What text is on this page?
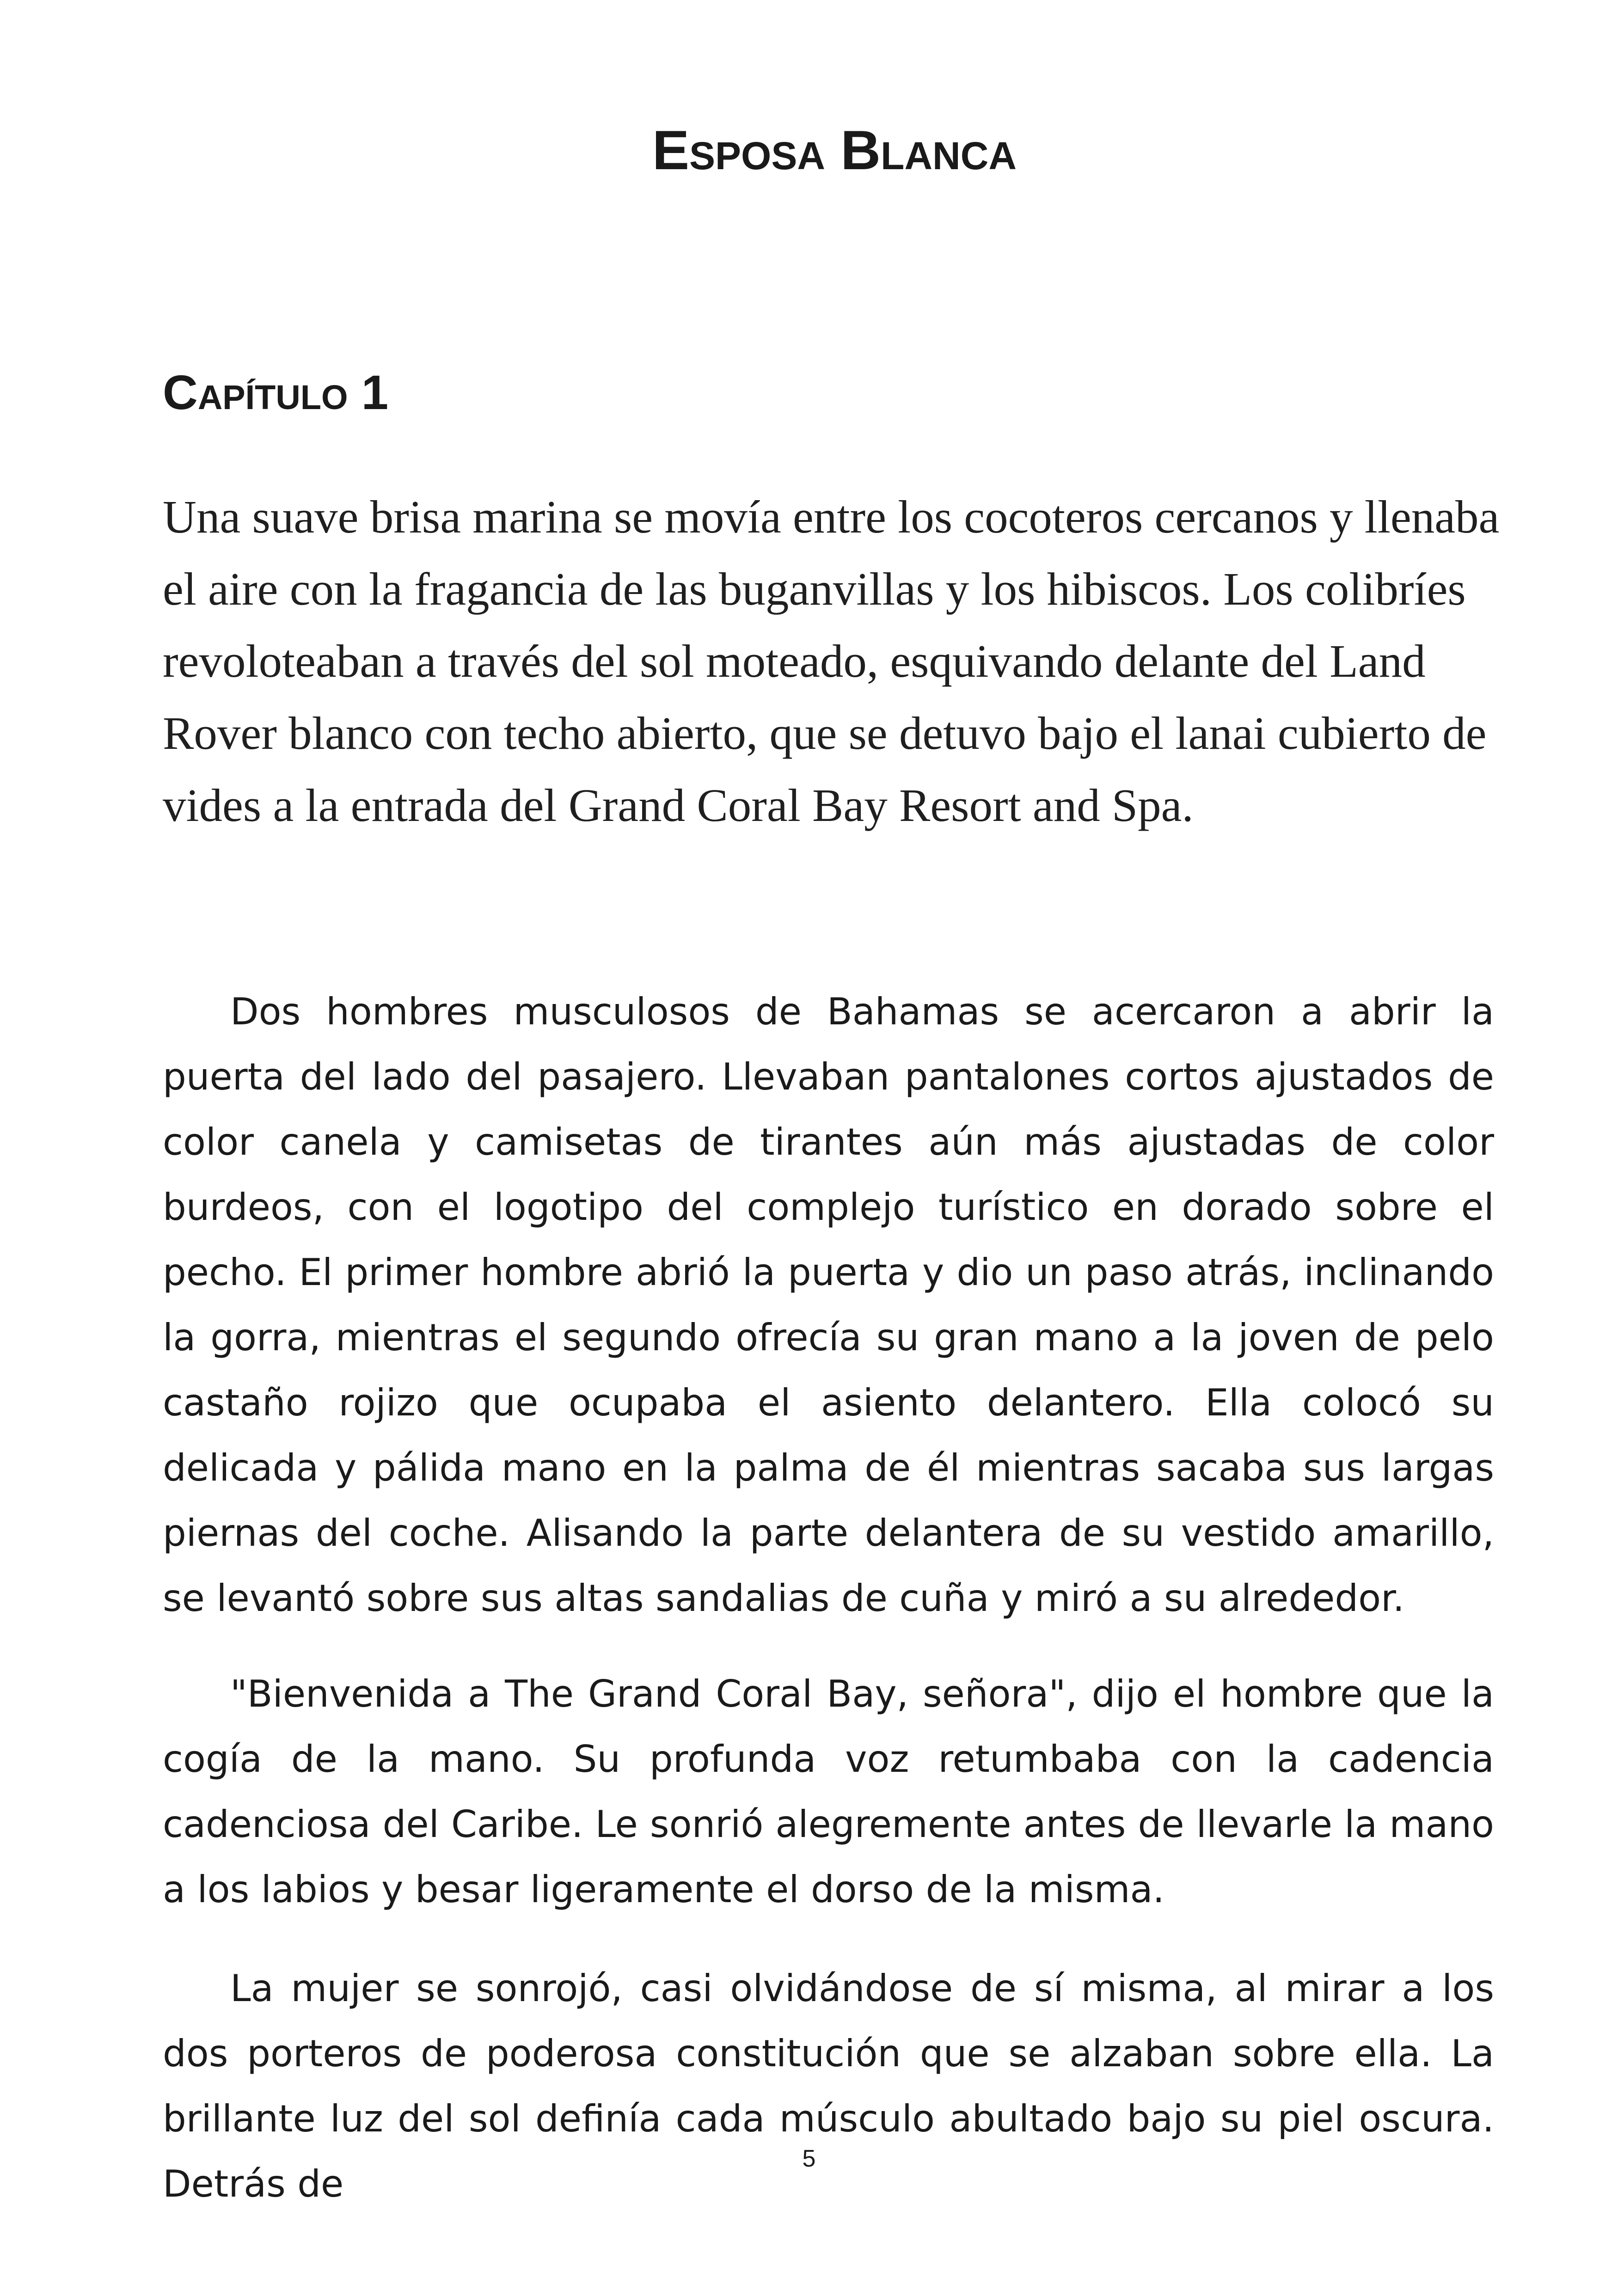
Esposa Blanca
Capítulo 1

Una suave brisa marina se movía entre los cocoteros cercanos y llenaba el aire con la fragancia de las buganvillas y los hibiscos. Los colibríes revoloteaban a través del sol moteado, esquivando delante del Land Rover blanco con techo abierto, que se detuvo bajo el lanai cubierto de vides a la entrada del Grand Coral Bay Resort and Spa.

Dos hombres musculosos de Bahamas se acercaron a abrir la puerta del lado del pasajero. Llevaban pantalones cortos ajustados de color canela y camisetas de tirantes aún más ajustadas de color burdeos, con el logotipo del complejo turístico en dorado sobre el pecho. El primer hombre abrió la puerta y dio un paso atrás, inclinando la gorra, mientras el segundo ofrecía su gran mano a la joven de pelo castaño rojizo que ocupaba el asiento delantero. Ella colocó su delicada y pálida mano en la palma de él mientras sacaba sus largas piernas del coche. Alisando la parte delantera de su vestido amarillo, se levantó sobre sus altas sandalias de cuña y miró a su alrededor.

"Bienvenida a The Grand Coral Bay, señora", dijo el hombre que la cogía de la mano. Su profunda voz retumbaba con la cadencia cadenciosa del Caribe. Le sonrió alegremente antes de llevarle la mano a los labios y besar ligeramente el dorso de la misma.

La mujer se sonrojó, casi olvidándose de sí misma, al mirar a los dos porteros de poderosa constitución que se alzaban sobre ella. La brillante luz del sol definía cada músculo abultado bajo su piel oscura. Detrás de

5
